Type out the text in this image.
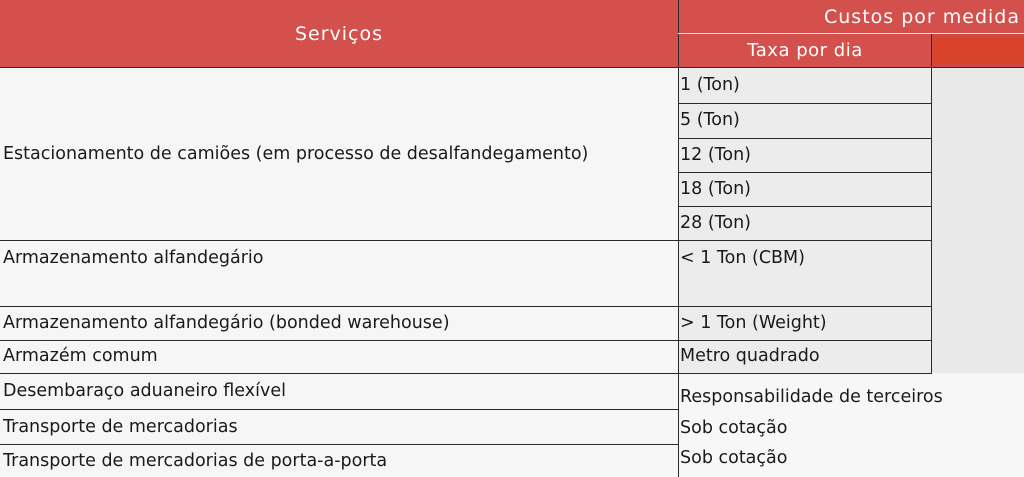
Serviços
Custos por medida
Taxa por dia
Estacionamento de camiões (em processo de desalfandegamento)
Armazenamento alfandegário
Armazenamento alfandegário (bonded warehouse)
Armazém comum
Desembaraço aduaneiro flexível
Transporte de mercadorias
Transporte de mercadorias de porta-a-porta
1 (Ton)
5 (Ton)
12 (Ton)
18 (Ton)
28 (Ton)
< 1 Ton (CBM)
> 1 Ton (Weight)
Metro quadrado
Responsabilidade de terceiros
Sob cotação
Sob cotação
